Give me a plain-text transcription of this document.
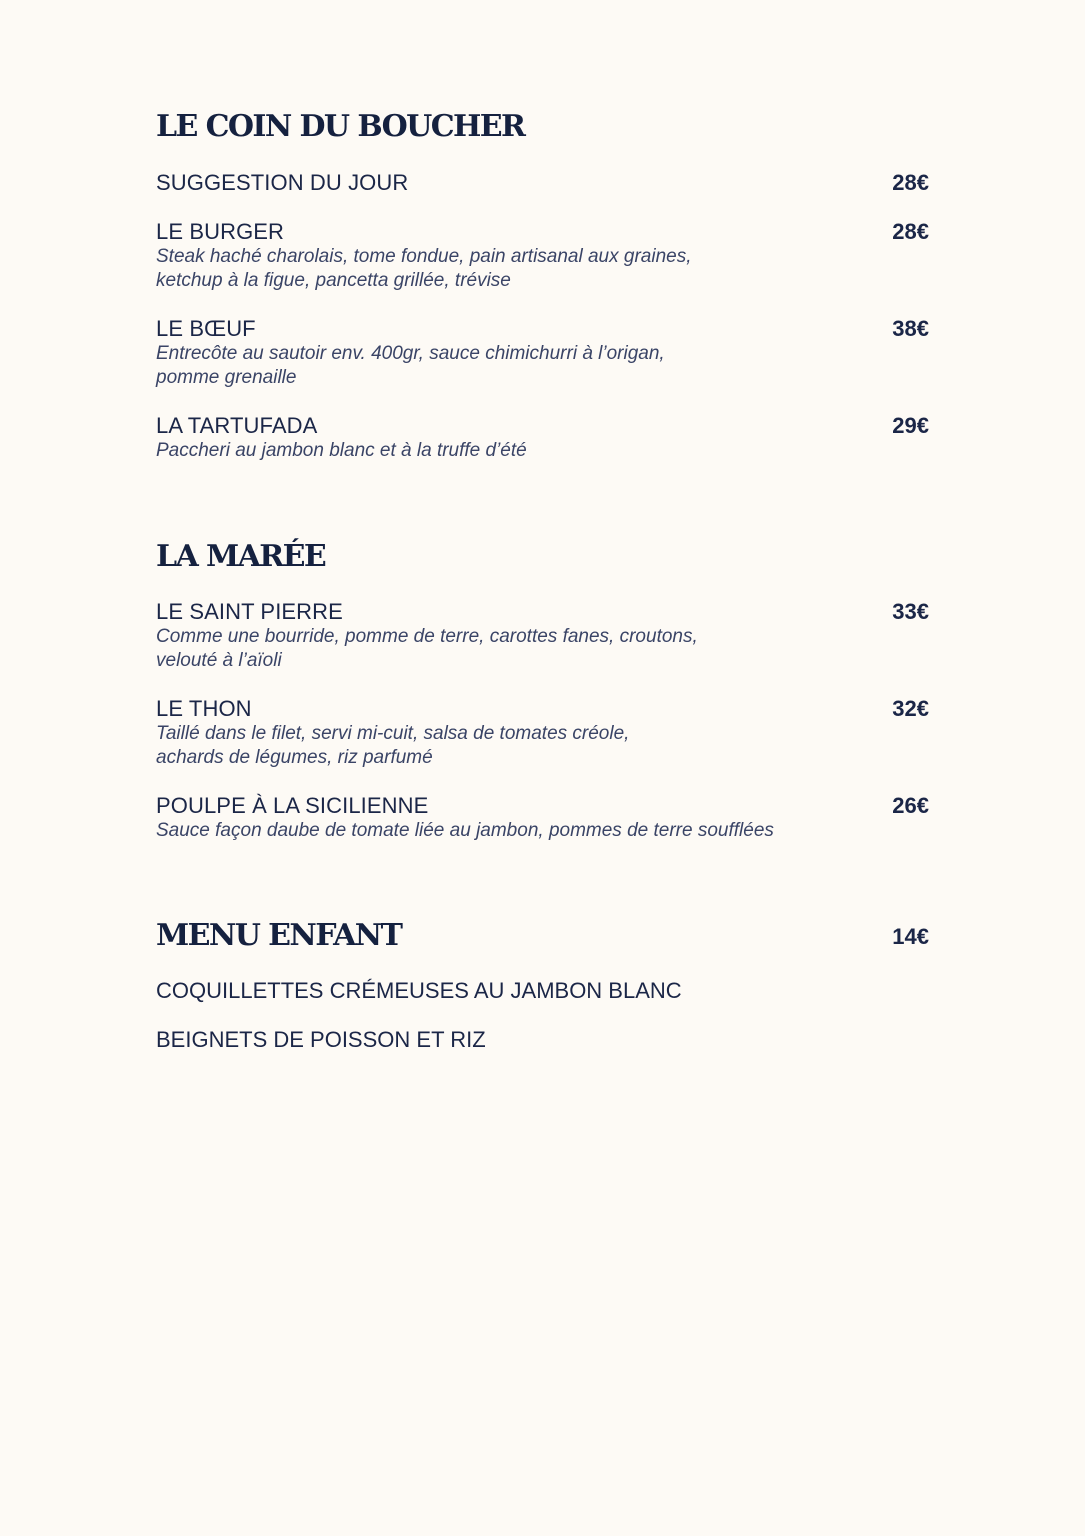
LE COIN DU BOUCHER
SUGGESTION DU JOUR	28€
LE BURGER	28€

Steak haché charolais, tome fondue, pain artisanal aux graines,
ketchup à la figue, pancetta grillée, trévise

LE BŒUF	38€

Entrecôte au sautoir env. 400gr, sauce chimichurri à l’origan,
pomme grenaille

LA TARTUFADA	29€

Paccheri au jambon blanc et à la truffe d’été

LA MARÉE
LE SAINT PIERRE	33€

Comme une bourride, pomme de terre, carottes fanes, croutons,
velouté à l’aïoli

LE THON	32€

Taillé dans le filet, servi mi-cuit, salsa de tomates créole,
achards de légumes, riz parfumé

POULPE À LA SICILIENNE	26€

Sauce façon daube de tomate liée au jambon, pommes de terre soufflées

MENU ENFANT	14€
COQUILLETTES CRÉMEUSES AU JAMBON BLANC
BEIGNETS DE POISSON ET RIZ
